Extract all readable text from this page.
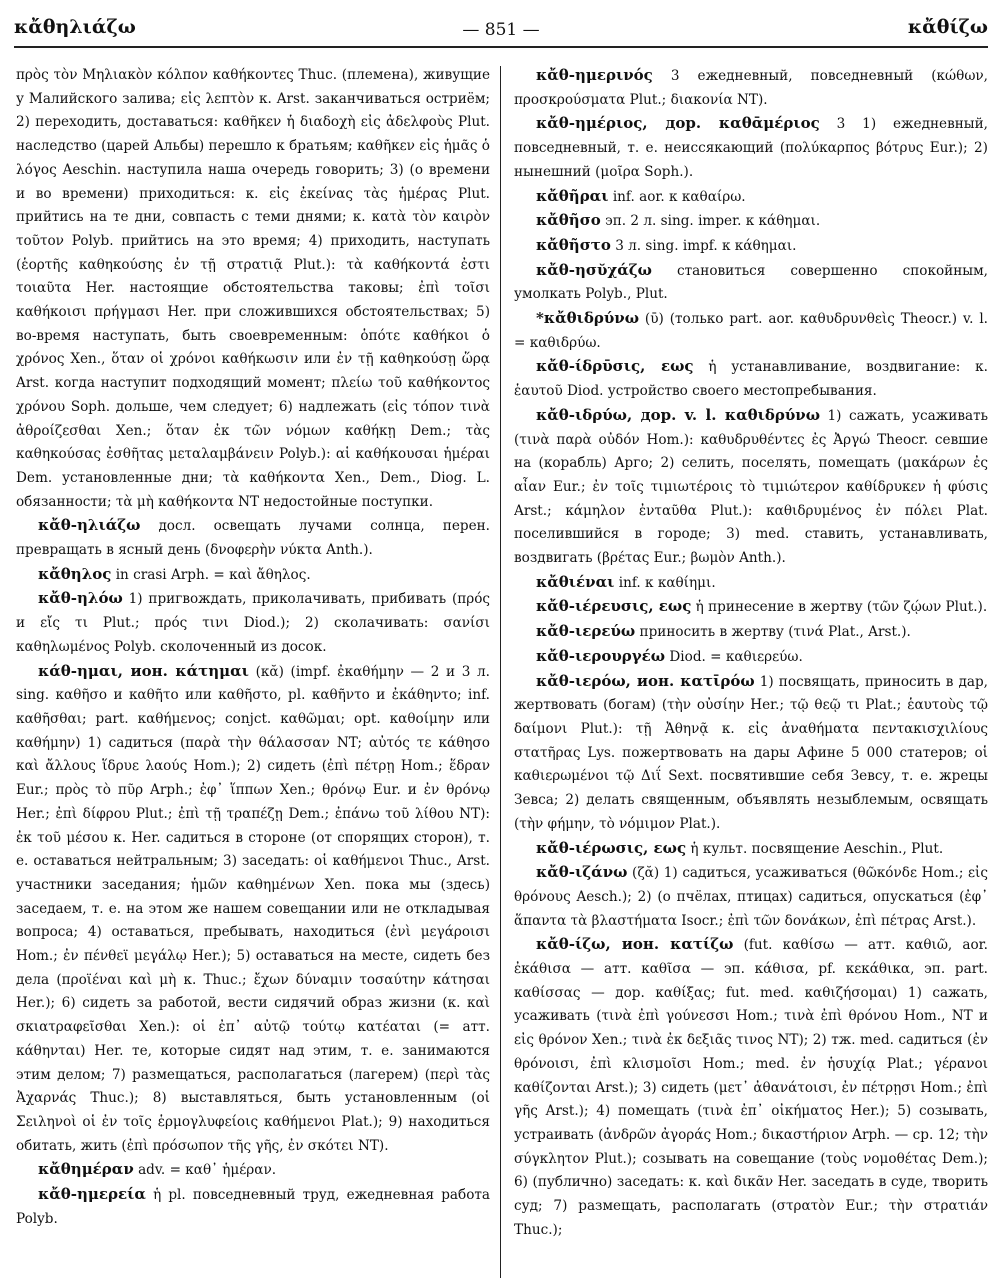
κἄθηλιάζω	— 851 —	κἄθίζω

πρὸς τὸν Μηλιακὸν κόλπον καθήκοντες Thuc. (племена), живущие у Малийского залива; εἰς λεπτὸν κ. Arst. заканчиваться остриём; 2) переходить, доставаться: καθῆκεν ἡ διαδοχὴ εἰς ἀδελφοὺς Plut. наследство (царей Альбы) перешло к братьям; καθῆκεν εἰς ἡμᾶς ὁ λόγος Aeschin. наступила наша очередь говорить; 3) (о времени и во времени) приходиться: κ. εἰς ἐκείνας τὰς ἡμέρας Plut. прийтись на те дни, совпасть с теми днями; κ. κατὰ τὸν καιρὸν τοῦτον Polyb. прийтись на это время; 4) приходить, наступать (ἑορτῆς καθηκούσης ἐν τῇ στρατιᾷ Plut.): τὰ καθήκοντά ἐστι τοιαῦτα Her. настоящие обстоятельства таковы; ἐπὶ τοῖσι καθήκοισι πρήγμασι Her. при сложившихся обстоятельствах; 5) во-время наступать, быть своевременным: ὁπότε καθήκοι ὁ χρόνος Xen., ὅταν οἱ χρόνοι καθήκωσιν или ἐν τῇ καθηκούσῃ ὥρᾳ Arst. когда наступит подходящий момент; πλείω τοῦ καθήκοντος χρόνου Soph. дольше, чем следует; 6) надлежать (εἰς τόπον τινὰ ἀθροίζεσθαι Xen.; ὅταν ἐκ τῶν νόμων καθήκῃ Dem.; τὰς καθηκούσας ἐσθῆτας μεταλαμβάνειν Polyb.): αἱ καθήκουσαι ἡμέραι Dem. установленные дни; τὰ καθήκοντα Xen., Dem., Diog. L. обязанности; τὰ μὴ καθήκοντα NT недостойные поступки.

κἄθ-ηλιάζω досл. освещать лучами солнца, перен. превращать в ясный день (δνοφερὴν νύκτα Anth.).

κἄθηλος in crasi Arph. = καὶ ἄθηλος.

κἄθ-ηλόω 1) пригвождать, приколачивать, прибивать (πρός и εἴς τι Plut.; πρός τινι Diod.); 2) сколачивать: σανίσι καθηλωμένος Polyb. сколоченный из досок.

κάθ-ημαι, ион. κάτημαι (κᾰ) (impf. ἐκαθήμην — 2 и 3 л. sing. καθῆσο и καθῆτο или καθῆστο, pl. καθῆντο и ἐκάθηντο; inf. καθῆσθαι; part. καθήμενος; conjct. καθῶμαι; opt. καθοίμην или καθήμην) 1) садиться (παρὰ τὴν θάλασσαν NT; αὐτός τε κάθησο καὶ ἄλλους ἵδρυε λαούς Hom.); 2) сидеть (ἐπὶ πέτρῃ Hom.; ἕδραν Eur.; πρὸς τὸ πῦρ Arph.; ἐφ᾽ ἵππων Xen.; θρόνῳ Eur. и ἐν θρόνῳ Her.; ἐπὶ δίφρου Plut.; ἐπὶ τῇ τραπέζῃ Dem.; ἐπάνω τοῦ λίθου NT): ἐκ τοῦ μέσου κ. Her. садиться в стороне (от спорящих сторон), т. е. оставаться нейтральным; 3) заседать: οἱ καθήμενοι Thuc., Arst. участники заседания; ἡμῶν καθημένων Xen. пока мы (здесь) заседаем, т. е. на этом же нашем совещании или не откладывая вопроса; 4) оставаться, пребывать, находиться (ἐνὶ μεγάροισι Hom.; ἐν πένθεϊ μεγάλῳ Her.); 5) оставаться на месте, сидеть без дела (προϊέναι καὶ μὴ κ. Thuc.; ἔχων δύναμιν τοσαύτην κάτησαι Her.); 6) сидеть за работой, вести сидячий образ жизни (κ. καὶ σκιατραφεῖσθαι Xen.): οἱ ἐπ᾽ αὐτῷ τούτῳ κατέαται (= атт. κάθηνται) Her. те, которые сидят над этим, т. е. занимаются этим делом; 7) размещаться, располагаться (лагерем) (περὶ τὰς Ἀχαρνάς Thuc.); 8) выставляться, быть установленным (οἱ Σειληνοὶ οἱ ἐν τοῖς ἑρμογλυφείοις καθήμενοι Plat.); 9) находиться обитать, жить (ἐπὶ πρόσωπον τῆς γῆς, ἐν σκότει NT).

κἄθημέραν adv. = καθ᾽ ἡμέραν.

κἄθ-ημερεία ἡ pl. повседневный труд, ежедневная работа Polyb.

κἄθ-ημερινός 3 ежедневный, повседневный (κώθων, προσκρούσματα Plut.; διακονία NT).

κἄθ-ημέριος, дор. καθᾱμέριος 3 1) ежедневный, повседневный, т. е. неиссякающий (πολύκαρπος βότρυς Eur.); 2) нынешний (μοῖρα Soph.).

κἄθῆραι inf. aor. к καθαίρω.

κἄθῆσο эп. 2 л. sing. imper. к κάθημαι.

κἄθῆστο 3 л. sing. impf. к κάθημαι.

κἄθ-ησῠχάζω становиться совершенно спокойным, умолкать Polyb., Plut.

*κἄθιδρύνω (ῡ) (только part. aor. καθυδρυνθεὶς Theocr.) v. l. = καθιδρύω.

κἄθ-ίδρῡσις, εως ἡ устанавливание, воздвигание: κ. ἑαυτοῦ Diod. устройство своего местопребывания.

κἄθ-ιδρύω, дор. v. l. καθιδρύνω 1) сажать, усаживать (τινὰ παρὰ οὐδόν Hom.): καθυδρυθέντες ἐς Ἀργώ Theocr. севшие на (корабль) Арго; 2) селить, поселять, помещать (μακάρων ἐς αἶαν Eur.; ἐν τοῖς τιμιωτέροις τὸ τιμιώτερον καθίδρυκεν ἡ φύσις Arst.; κάμηλον ἐνταῦθα Plut.): καθιδρυμένος ἐν πόλει Plat. поселившийся в городе; 3) med. ставить, устанавливать, воздвигать (βρέτας Eur.; βωμὸν Anth.).

κἄθιέναι inf. к καθίημι.

κἄθ-ιέρευσις, εως ἡ принесение в жертву (τῶν ζῴων Plut.).

κἄθ-ιερεύω приносить в жертву (τινά Plat., Arst.).

κἄθ-ιερουργέω Diod. = καθιερεύω.

κἄθ-ιερόω, ион. κατῑρόω 1) посвящать, приносить в дар, жертвовать (богам) (τὴν οὐσίην Her.; τῷ θεῷ τι Plat.; ἑαυτοὺς τῷ δαίμονι Plut.): τῇ Ἀθηνᾷ κ. εἰς ἀναθήματα πεντακισχιλίους στατῆρας Lys. пожертвовать на дары Афине 5 000 статеров; οἱ καθιερωμένοι τῷ Διΐ Sext. посвятившие себя Зевсу, т. е. жрецы Зевса; 2) делать священным, объявлять незыблемым, освящать (τὴν φήμην, τὸ νόμιμον Plat.).

κἄθ-ιέρωσις, εως ἡ культ. посвящение Aeschin., Plut.

κἄθ-ιζάνω (ζᾰ) 1) садиться, усаживаться (θῶκόνδε Hom.; εἰς θρόνους Aesch.); 2) (о пчёлах, птицах) садиться, опускаться (ἐφ᾽ ἅπαντα τὰ βλαστήματα Isocr.; ἐπὶ τῶν δονάκων, ἐπὶ πέτρας Arst.).

κἄθ-ίζω, ион. κατίζω (fut. καθίσω — атт. καθιῶ, aor. ἐκάθισα — атт. καθῖσα — эп. κάθισα, pf. κεκάθικα, эп. part. καθίσσας — дор. καθίξας; fut. med. καθιζήσομαι) 1) сажать, усаживать (τινὰ ἐπὶ γούνεσσι Hom.; τινὰ ἐπὶ θρόνου Hom., NT и εἰς θρόνον Xen.; τινὰ ἐκ δεξιᾶς τινος NT); 2) тж. med. садиться (ἐν θρόνοισι, ἐπὶ κλισμοῖσι Hom.; med. ἐν ἡσυχίᾳ Plat.; γέρανοι καθίζονται Arst.); 3) сидеть (μετ᾽ ἀθανάτοισι, ἐν πέτρῃσι Hom.; ἐπὶ γῆς Arst.); 4) помещать (τινὰ ἐπ᾽ οἰκήματος Her.); 5) созывать, устраивать (ἀνδρῶν ἀγοράς Hom.; δικαστήριον Arph. — ср. 12; τὴν σύγκλητον Plut.); созывать на совещание (τοὺς νομοθέτας Dem.); 6) (публично) заседать: κ. καὶ δικᾶν Her. заседать в суде, творить суд; 7) размещать, располагать (στρατὸν Eur.; τὴν στρατιάν Thuc.);
